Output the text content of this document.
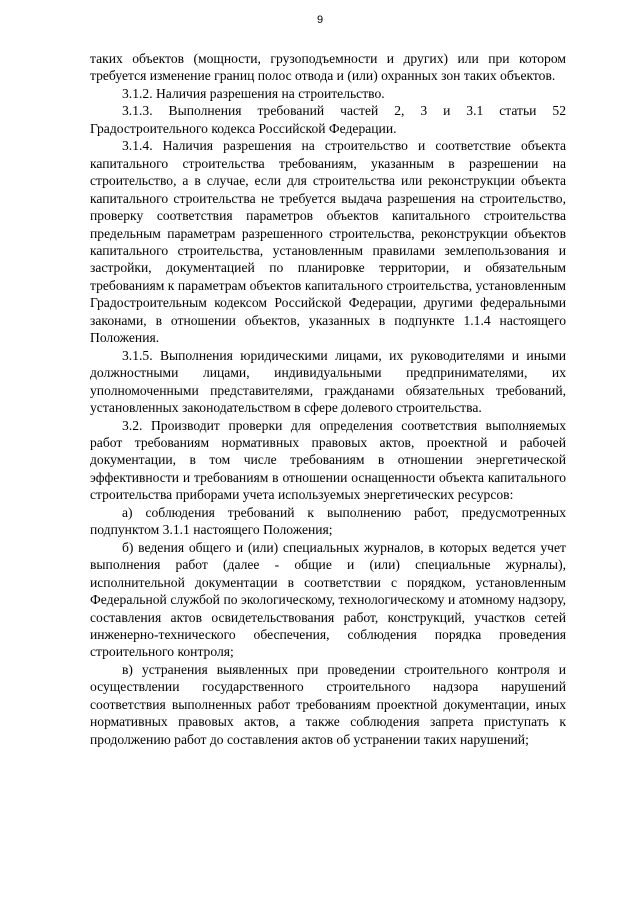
9

таких объектов (мощности, грузоподъемности и других) или при котором требуется изменение границ полос отвода и (или) охранных зон таких объектов.

3.1.2. Наличия разрешения на строительство.

3.1.3. Выполнения требований частей 2, 3 и 3.1 статьи 52 Градостроительного кодекса Российской Федерации.

3.1.4. Наличия разрешения на строительство и соответствие объекта капитального строительства требованиям, указанным в разрешении на строительство, а в случае, если для строительства или реконструкции объекта капитального строительства не требуется выдача разрешения на строительство, проверку соответствия параметров объектов капитального строительства предельным параметрам разрешенного строительства, реконструкции объектов капитального строительства, установленным правилами землепользования и застройки, документацией по планировке территории, и обязательным требованиям к параметрам объектов капитального строительства, установленным Градостроительным кодексом Российской Федерации, другими федеральными законами, в отношении объектов, указанных в подпункте 1.1.4 настоящего Положения.

3.1.5. Выполнения юридическими лицами, их руководителями и иными должностными лицами, индивидуальными предпринимателями, их уполномоченными представителями, гражданами обязательных требований, установленных законодательством в сфере долевого строительства.

3.2. Производит проверки для определения соответствия выполняемых работ требованиям нормативных правовых актов, проектной и рабочей документации, в том числе требованиям в отношении энергетической эффективности и требованиям в отношении оснащенности объекта капитального строительства приборами учета используемых энергетических ресурсов:

а) соблюдения требований к выполнению работ, предусмотренных подпунктом 3.1.1 настоящего Положения;

б) ведения общего и (или) специальных журналов, в которых ведется учет выполнения работ (далее - общие и (или) специальные журналы), исполнительной документации в соответствии с порядком, установленным Федеральной службой по экологическому, технологическому и атомному надзору, составления актов освидетельствования работ, конструкций, участков сетей инженерно-технического обеспечения, соблюдения порядка проведения строительного контроля;

в) устранения выявленных при проведении строительного контроля и осуществлении государственного строительного надзора нарушений соответствия выполненных работ требованиям проектной документации, иных нормативных правовых актов, а также соблюдения запрета приступать к продолжению работ до составления актов об устранении таких нарушений;
